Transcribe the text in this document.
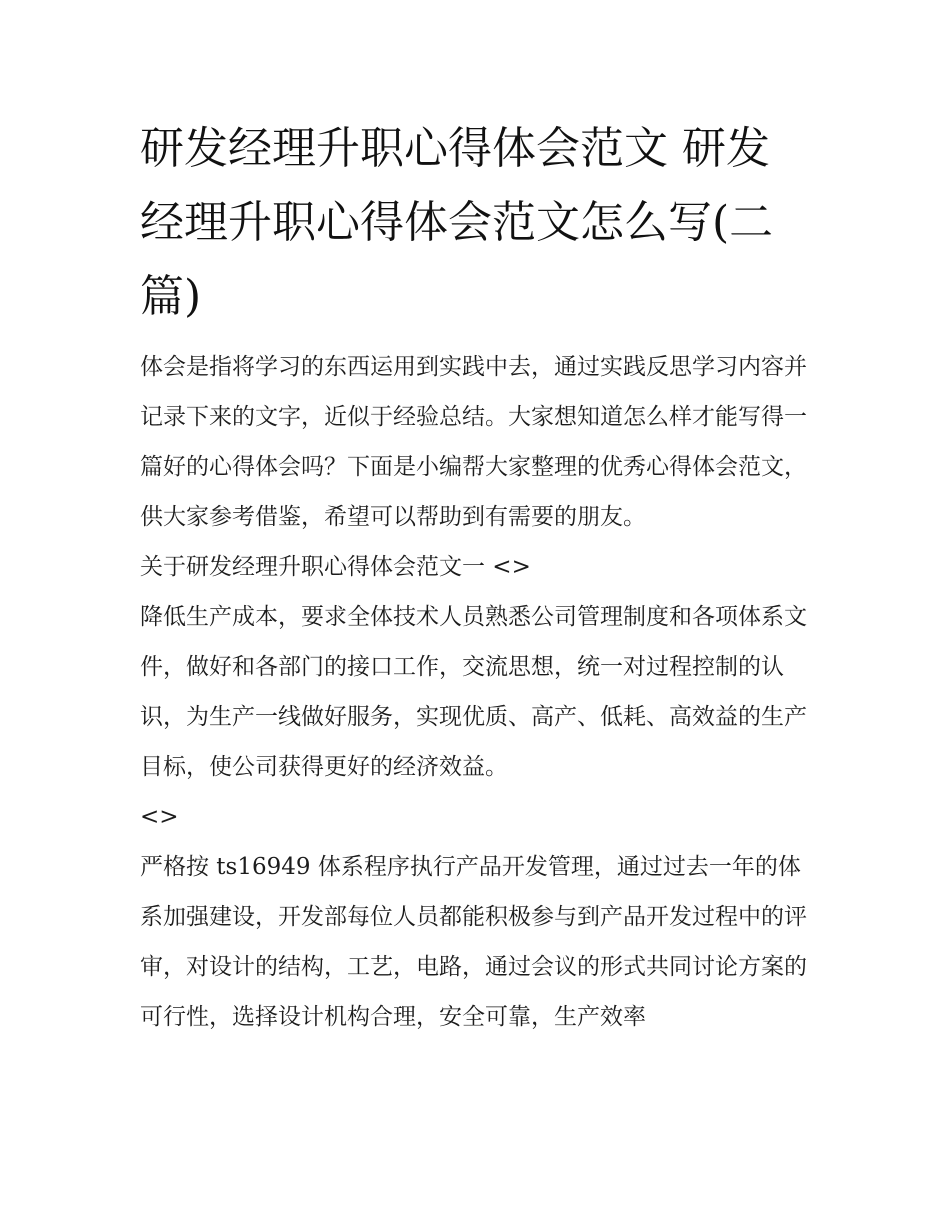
研发经理升职心得体会范文 研发经理升职心得体会范文怎么写(二篇)

体会是指将学习的东西运用到实践中去，通过实践反思学习内容并记录下来的文字，近似于经验总结。大家想知道怎么样才能写得一篇好的心得体会吗？下面是小编帮大家整理的优秀心得体会范文，供大家参考借鉴，希望可以帮助到有需要的朋友。

关于研发经理升职心得体会范文一 <>

降低生产成本，要求全体技术人员熟悉公司管理制度和各项体系文件，做好和各部门的接口工作，交流思想，统一对过程控制的认识，为生产一线做好服务，实现优质、高产、低耗、高效益的生产目标，使公司获得更好的经济效益。

<>

严格按 ts16949 体系程序执行产品开发管理，通过过去一年的体系加强建设，开发部每位人员都能积极参与到产品开发过程中的评审，对设计的结构，工艺，电路，通过会议的形式共同讨论方案的可行性，选择设计机构合理，安全可靠，生产效率
